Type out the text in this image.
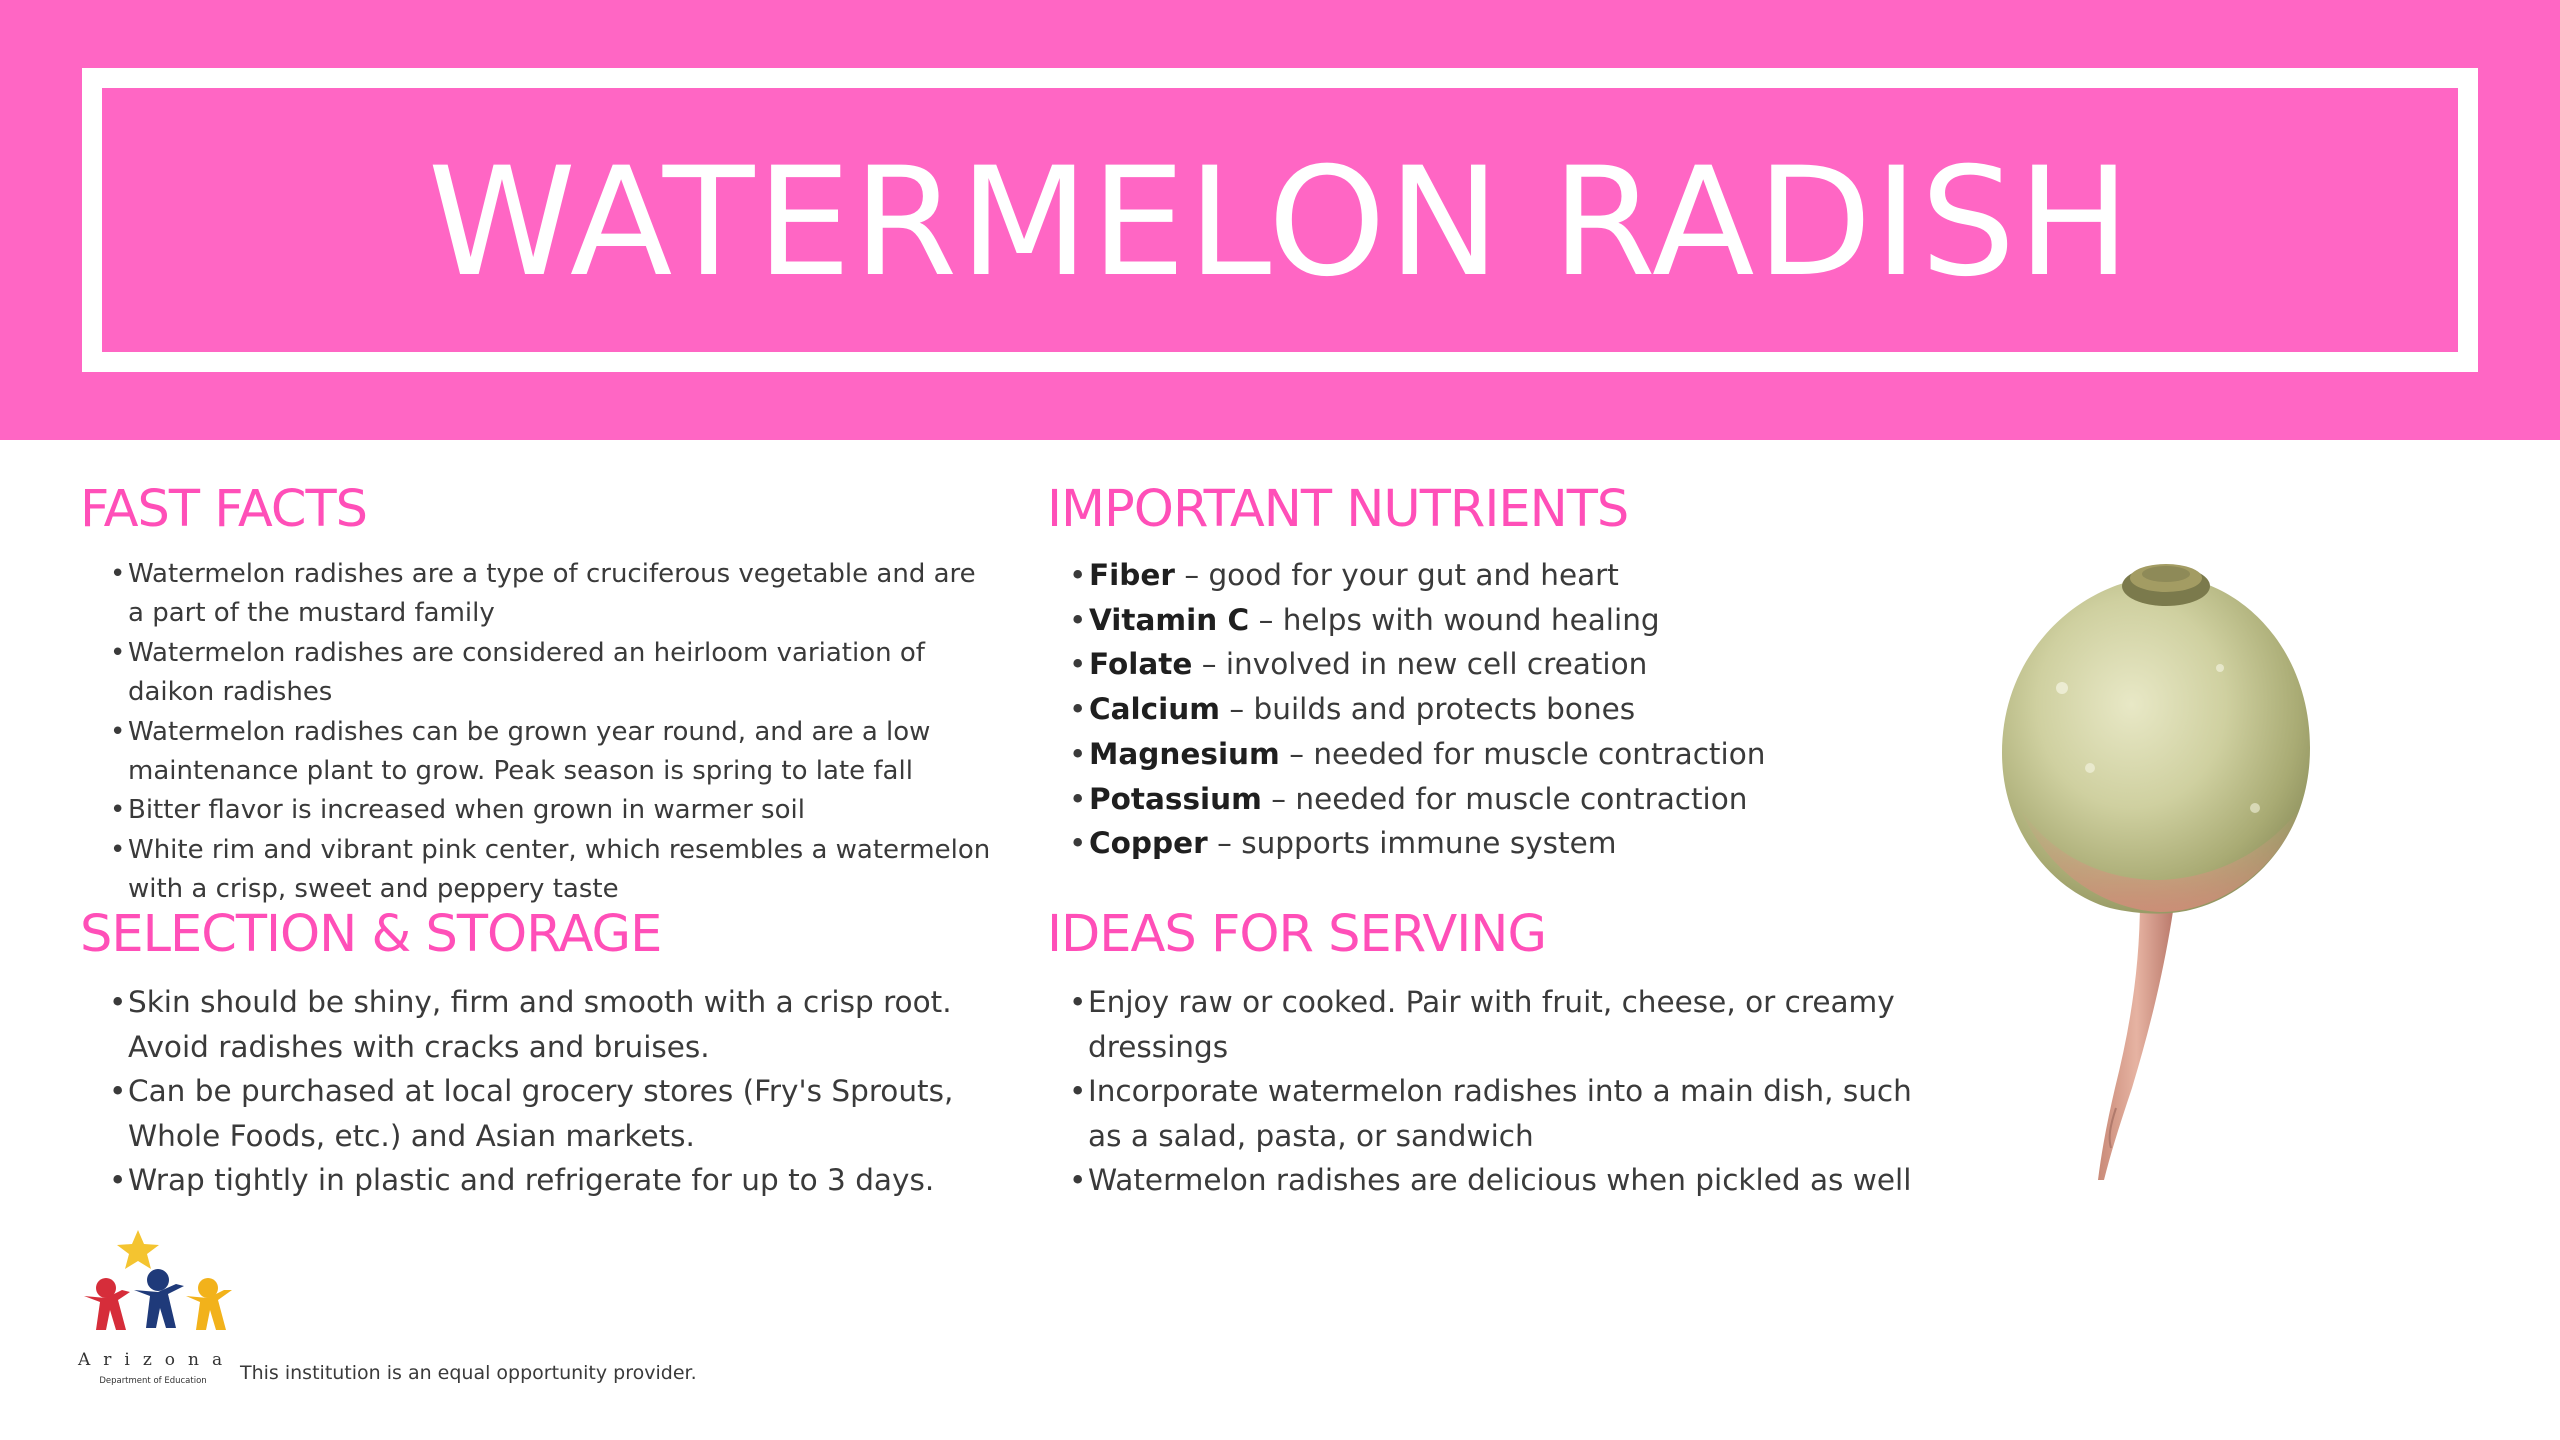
WATERMELON RADISH
FAST FACTS
• Watermelon radishes are a type of cruciferous vegetable and are a part of the mustard family
• Watermelon radishes are considered an heirloom variation of daikon radishes
• Watermelon radishes can be grown year round, and are a low maintenance plant to grow. Peak season is spring to late fall
• Bitter flavor is increased when grown in warmer soil
• White rim and vibrant pink center, which resembles a watermelon with a crisp, sweet and peppery taste
SELECTION & STORAGE
• Skin should be shiny, firm and smooth with a crisp root. Avoid radishes with cracks and bruises.
• Can be purchased at local grocery stores (Fry's Sprouts, Whole Foods, etc.) and Asian markets.
• Wrap tightly in plastic and refrigerate for up to 3 days.
IMPORTANT NUTRIENTS
• Fiber – good for your gut and heart
• Vitamin C – helps with wound healing
• Folate – involved in new cell creation
• Calcium – builds and protects bones
• Magnesium – needed for muscle contraction
• Potassium – needed for muscle contraction
• Copper – supports immune system
IDEAS FOR SERVING
• Enjoy raw or cooked. Pair with fruit, cheese, or creamy dressings
• Incorporate watermelon radishes into a main dish, such as a salad, pasta, or sandwich
• Watermelon radishes are delicious when pickled as well
Arizona
Department of Education	This institution is an equal opportunity provider.
